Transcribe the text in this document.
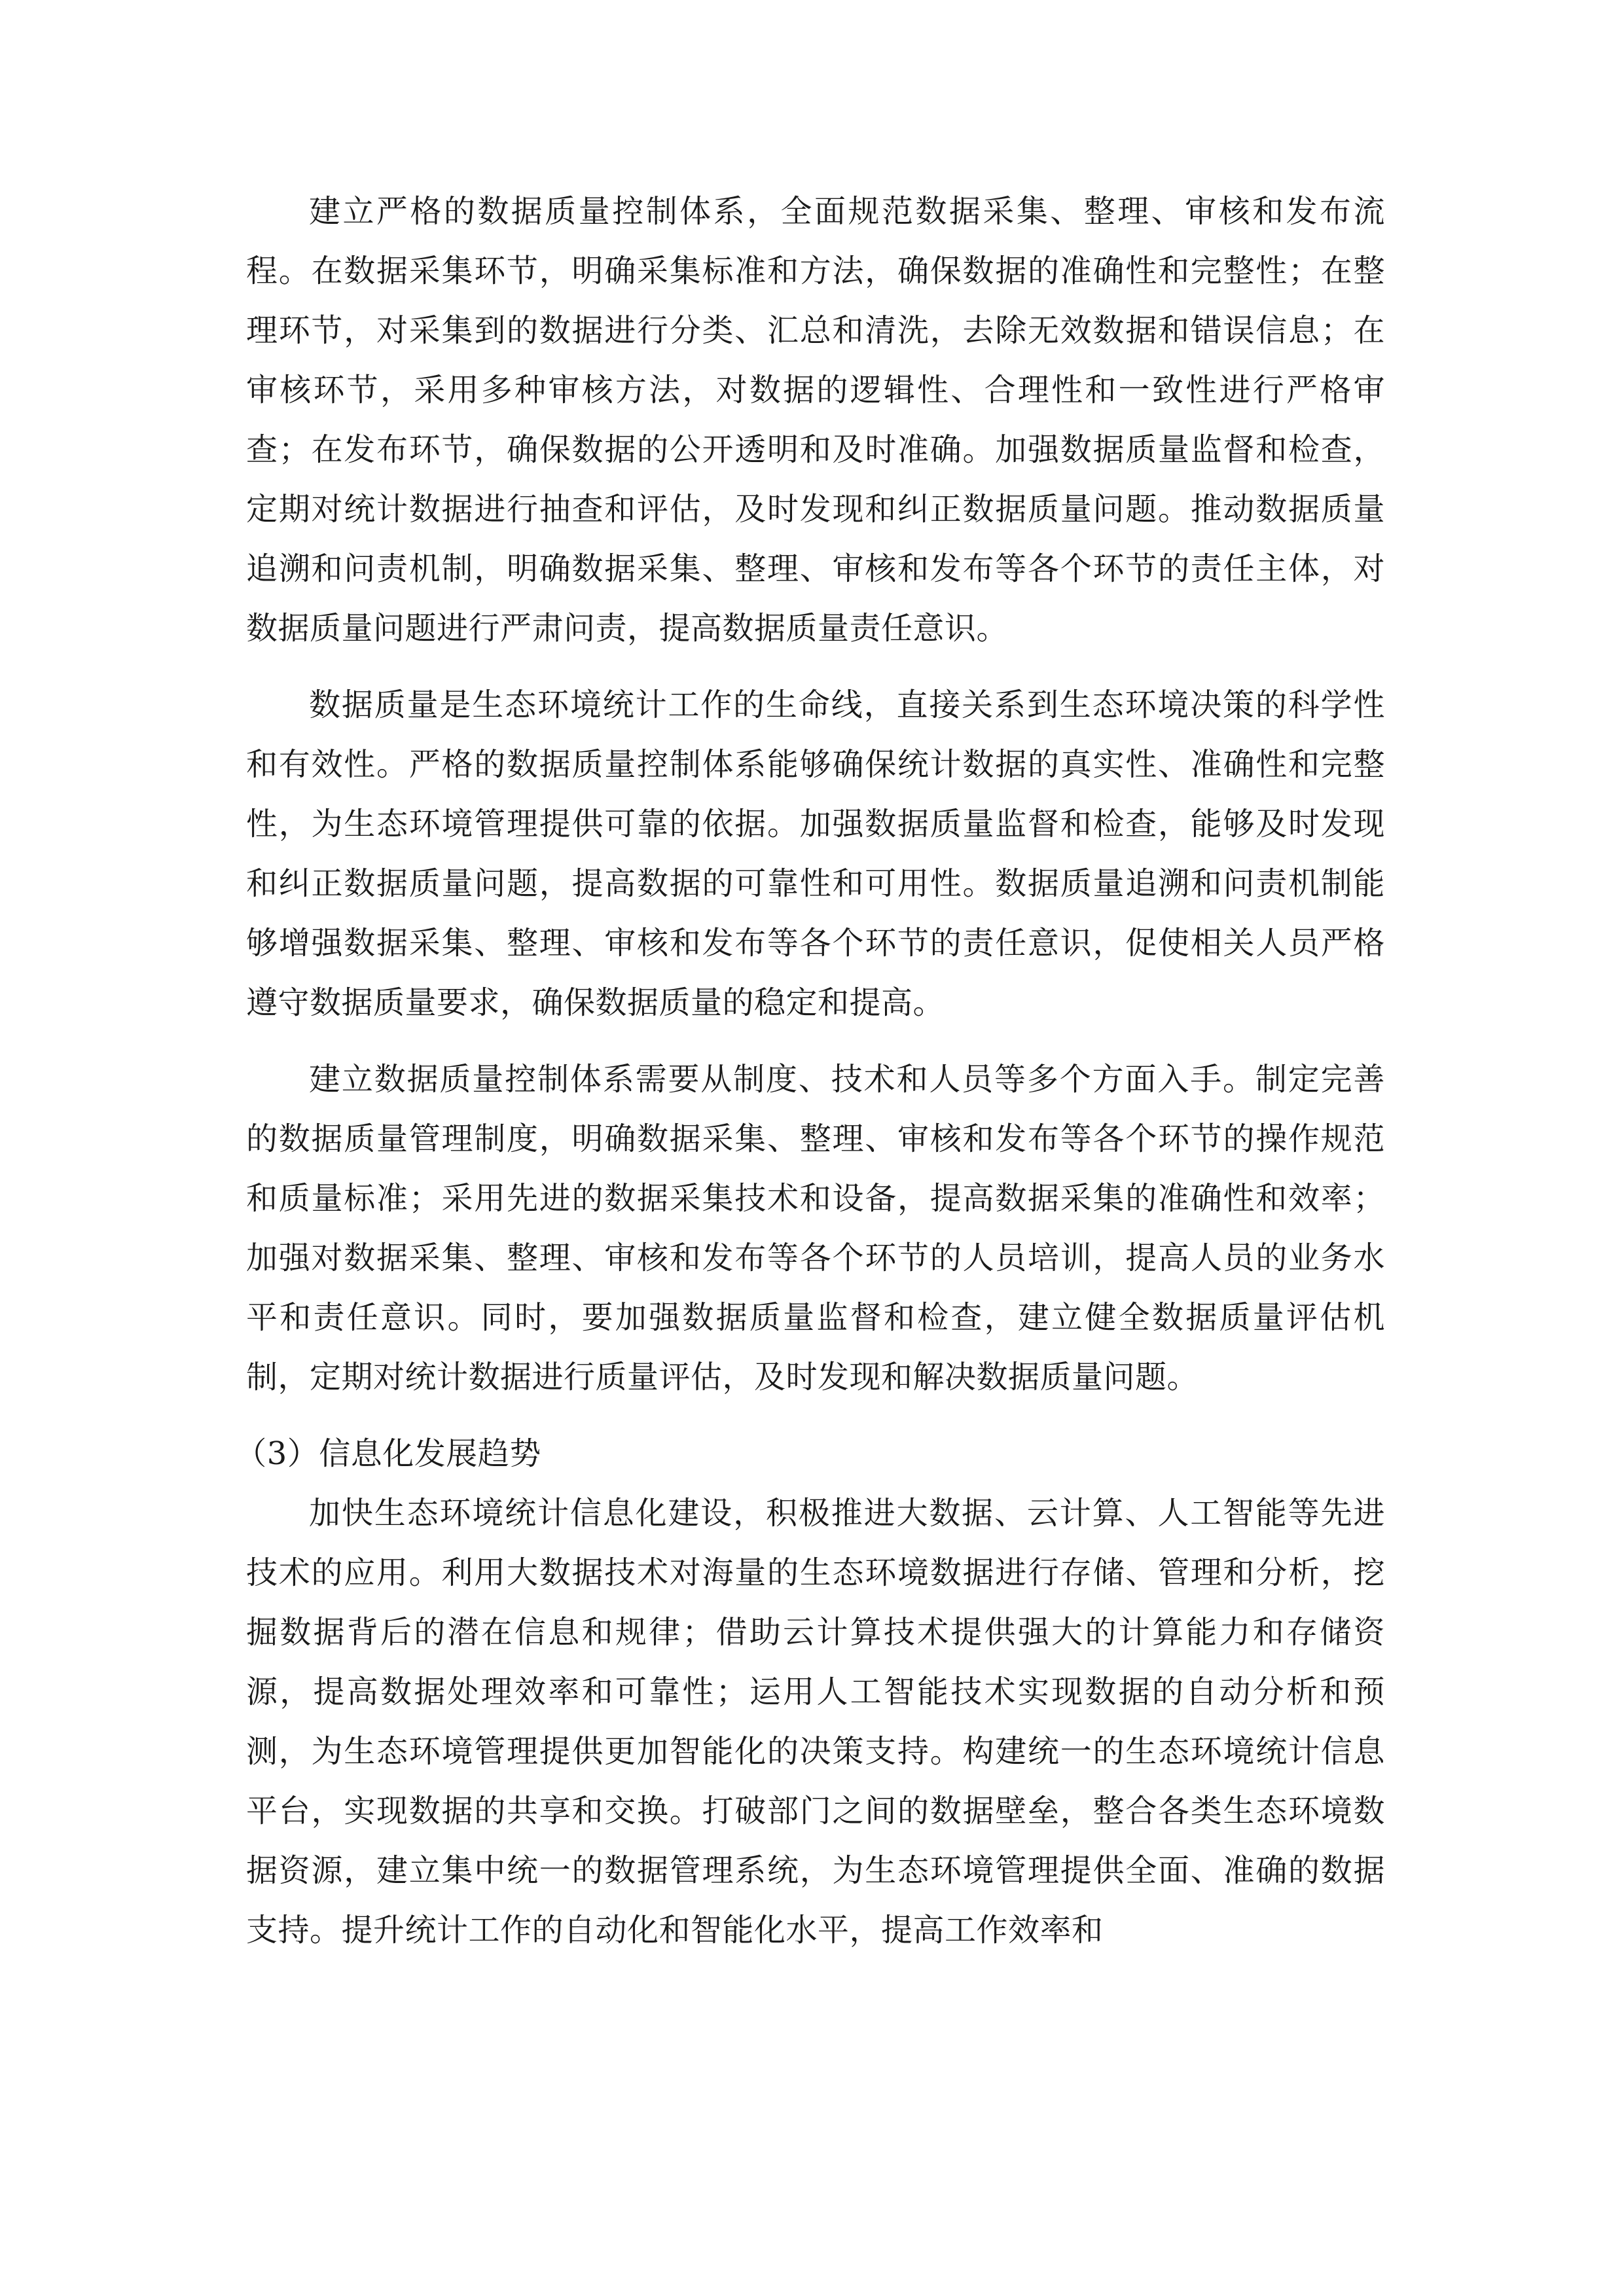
建立严格的数据质量控制体系，全面规范数据采集、整理、审核和发布流程。在数据采集环节，明确采集标准和方法，确保数据的准确性和完整性；在整理环节，对采集到的数据进行分类、汇总和清洗，去除无效数据和错误信息；在审核环节，采用多种审核方法，对数据的逻辑性、合理性和一致性进行严格审查；在发布环节，确保数据的公开透明和及时准确。加强数据质量监督和检查，定期对统计数据进行抽查和评估，及时发现和纠正数据质量问题。推动数据质量追溯和问责机制，明确数据采集、整理、审核和发布等各个环节的责任主体，对数据质量问题进行严肃问责，提高数据质量责任意识。

数据质量是生态环境统计工作的生命线，直接关系到生态环境决策的科学性和有效性。严格的数据质量控制体系能够确保统计数据的真实性、准确性和完整性，为生态环境管理提供可靠的依据。加强数据质量监督和检查，能够及时发现和纠正数据质量问题，提高数据的可靠性和可用性。数据质量追溯和问责机制能够增强数据采集、整理、审核和发布等各个环节的责任意识，促使相关人员严格遵守数据质量要求，确保数据质量的稳定和提高。

建立数据质量控制体系需要从制度、技术和人员等多个方面入手。制定完善的数据质量管理制度，明确数据采集、整理、审核和发布等各个环节的操作规范和质量标准；采用先进的数据采集技术和设备，提高数据采集的准确性和效率；加强对数据采集、整理、审核和发布等各个环节的人员培训，提高人员的业务水平和责任意识。同时，要加强数据质量监督和检查，建立健全数据质量评估机制，定期对统计数据进行质量评估，及时发现和解决数据质量问题。

（3）信息化发展趋势

加快生态环境统计信息化建设，积极推进大数据、云计算、人工智能等先进技术的应用。利用大数据技术对海量的生态环境数据进行存储、管理和分析，挖掘数据背后的潜在信息和规律；借助云计算技术提供强大的计算能力和存储资源，提高数据处理效率和可靠性；运用人工智能技术实现数据的自动分析和预测，为生态环境管理提供更加智能化的决策支持。构建统一的生态环境统计信息平台，实现数据的共享和交换。打破部门之间的数据壁垒，整合各类生态环境数据资源，建立集中统一的数据管理系统，为生态环境管理提供全面、准确的数据支持。提升统计工作的自动化和智能化水平，提高工作效率和
